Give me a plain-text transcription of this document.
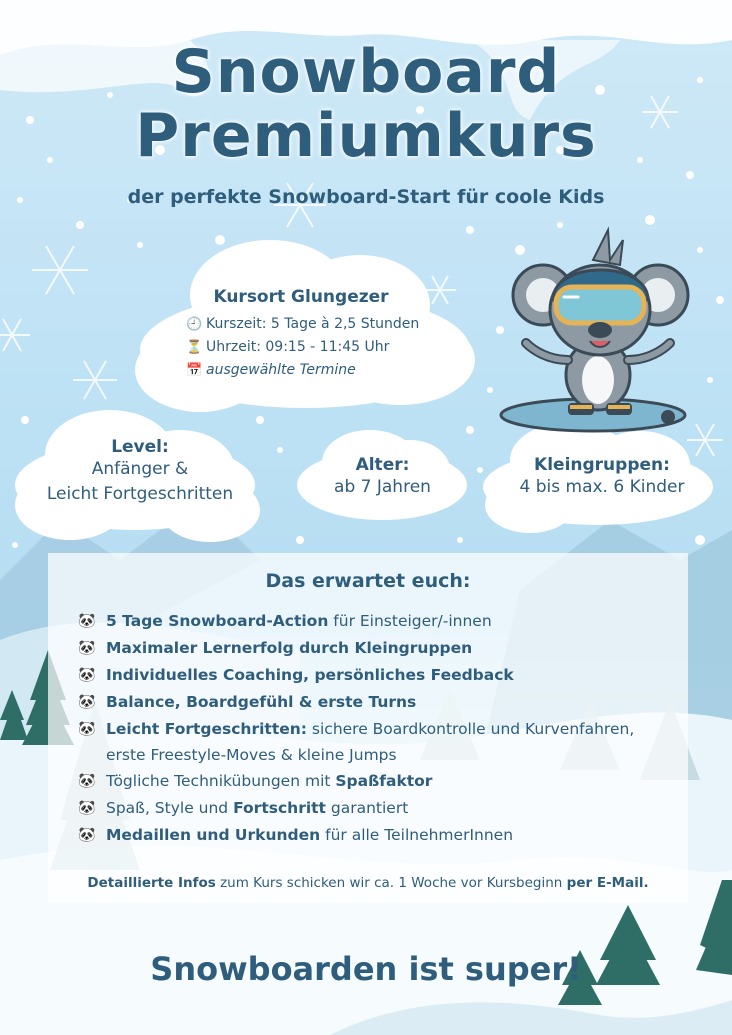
Snowboard
Premiumkurs
der perfekte Snowboard-Start für coole Kids
Kursort Glungezer
🕘 Kurszeit: 5 Tage à 2,5 Stunden
⏳ Uhrzeit: 09:15 - 11:45 Uhr
📅 ausgewählte Termine
Level:
Anfänger &
Leicht Fortgeschritten
Alter:
ab 7 Jahren
Kleingruppen:
4 bis max. 6 Kinder
Das erwartet euch:
🐼 5 Tage Snowboard-Action für Einsteiger/-innen
🐼 Maximaler Lernerfolg durch Kleingruppen
🐼 Individuelles Coaching, persönliches Feedback
🐼 Balance, Boardgefühl & erste Turns
🐼 Leicht Fortgeschritten: sichere Boardkontrolle und Kurvenfahren,
erste Freestyle-Moves & kleine Jumps
🐼 Tögliche Technikübungen mit Spaßfaktor
🐼 Spaß, Style und Fortschritt garantiert
🐼 Medaillen und Urkunden für alle TeilnehmerInnen
Detaillierte Infos zum Kurs schicken wir ca. 1 Woche vor Kursbeginn per E-Mail.
Snowboarden ist super!
